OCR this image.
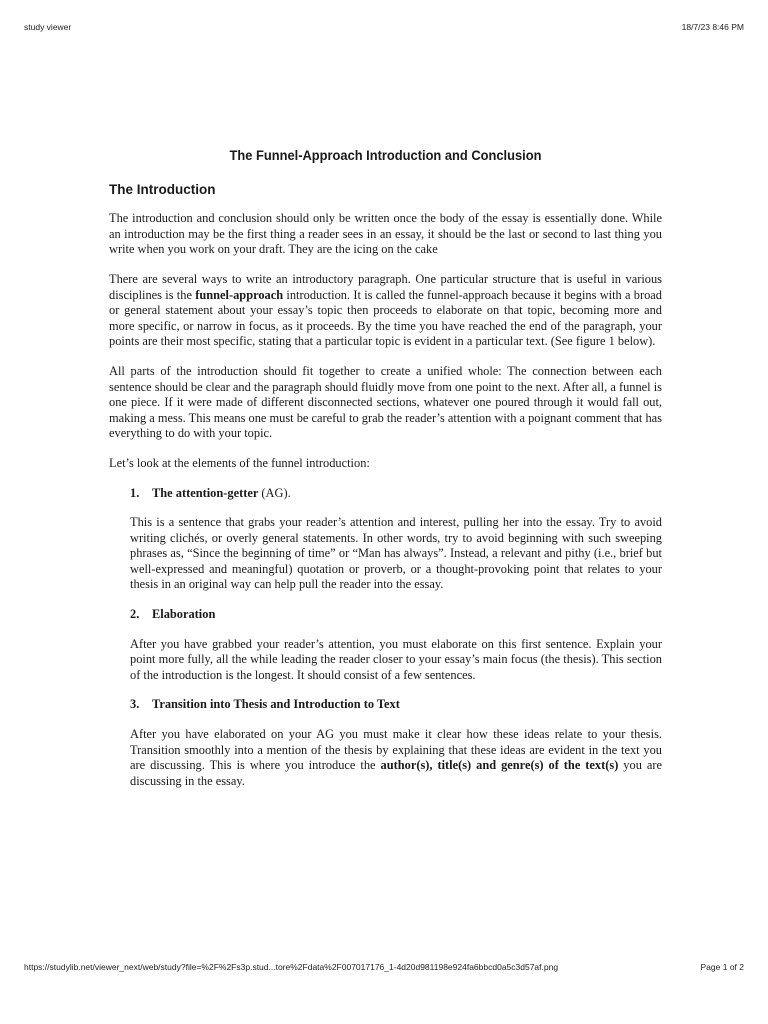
study viewer	18/7/23 8:46 PM
The Funnel-Approach Introduction and Conclusion
The Introduction

The introduction and conclusion should only be written once the body of the essay is essentially done. While an introduction may be the first thing a reader sees in an essay, it should be the last or second to last thing you write when you work on your draft. They are the icing on the cake

There are several ways to write an introductory paragraph. One particular structure that is useful in various disciplines is the funnel-approach introduction. It is called the funnel-approach because it begins with a broad or general statement about your essay’s topic then proceeds to elaborate on that topic, becoming more and more specific, or narrow in focus, as it proceeds. By the time you have reached the end of the paragraph, your points are their most specific, stating that a particular topic is evident in a particular text. (See figure 1 below).

All parts of the introduction should fit together to create a unified whole: The connection between each sentence should be clear and the paragraph should fluidly move from one point to the next. After all, a funnel is one piece. If it were made of different disconnected sections, whatever one poured through it would fall out, making a mess. This means one must be careful to grab the reader’s attention with a poignant comment that has everything to do with your topic.

Let’s look at the elements of the funnel introduction:

1. The attention-getter (AG).

This is a sentence that grabs your reader’s attention and interest, pulling her into the essay. Try to avoid writing clichés, or overly general statements. In other words, try to avoid beginning with such sweeping phrases as, “Since the beginning of time” or “Man has always”. Instead, a relevant and pithy (i.e., brief but well-expressed and meaningful) quotation or proverb, or a thought-provoking point that relates to your thesis in an original way can help pull the reader into the essay.

2. Elaboration

After you have grabbed your reader’s attention, you must elaborate on this first sentence. Explain your point more fully, all the while leading the reader closer to your essay’s main focus (the thesis). This section of the introduction is the longest. It should consist of a few sentences.

3. Transition into Thesis and Introduction to Text

After you have elaborated on your AG you must make it clear how these ideas relate to your thesis. Transition smoothly into a mention of the thesis by explaining that these ideas are evident in the text you are discussing. This is where you introduce the author(s), title(s) and genre(s) of the text(s) you are discussing in the essay.

https://studylib.net/viewer_next/web/study?file=%2F%2Fs3p.stud...tore%2Fdata%2F007017176_1-4d20d981198e924fa6bbcd0a5c3d57af.png	Page 1 of 2
